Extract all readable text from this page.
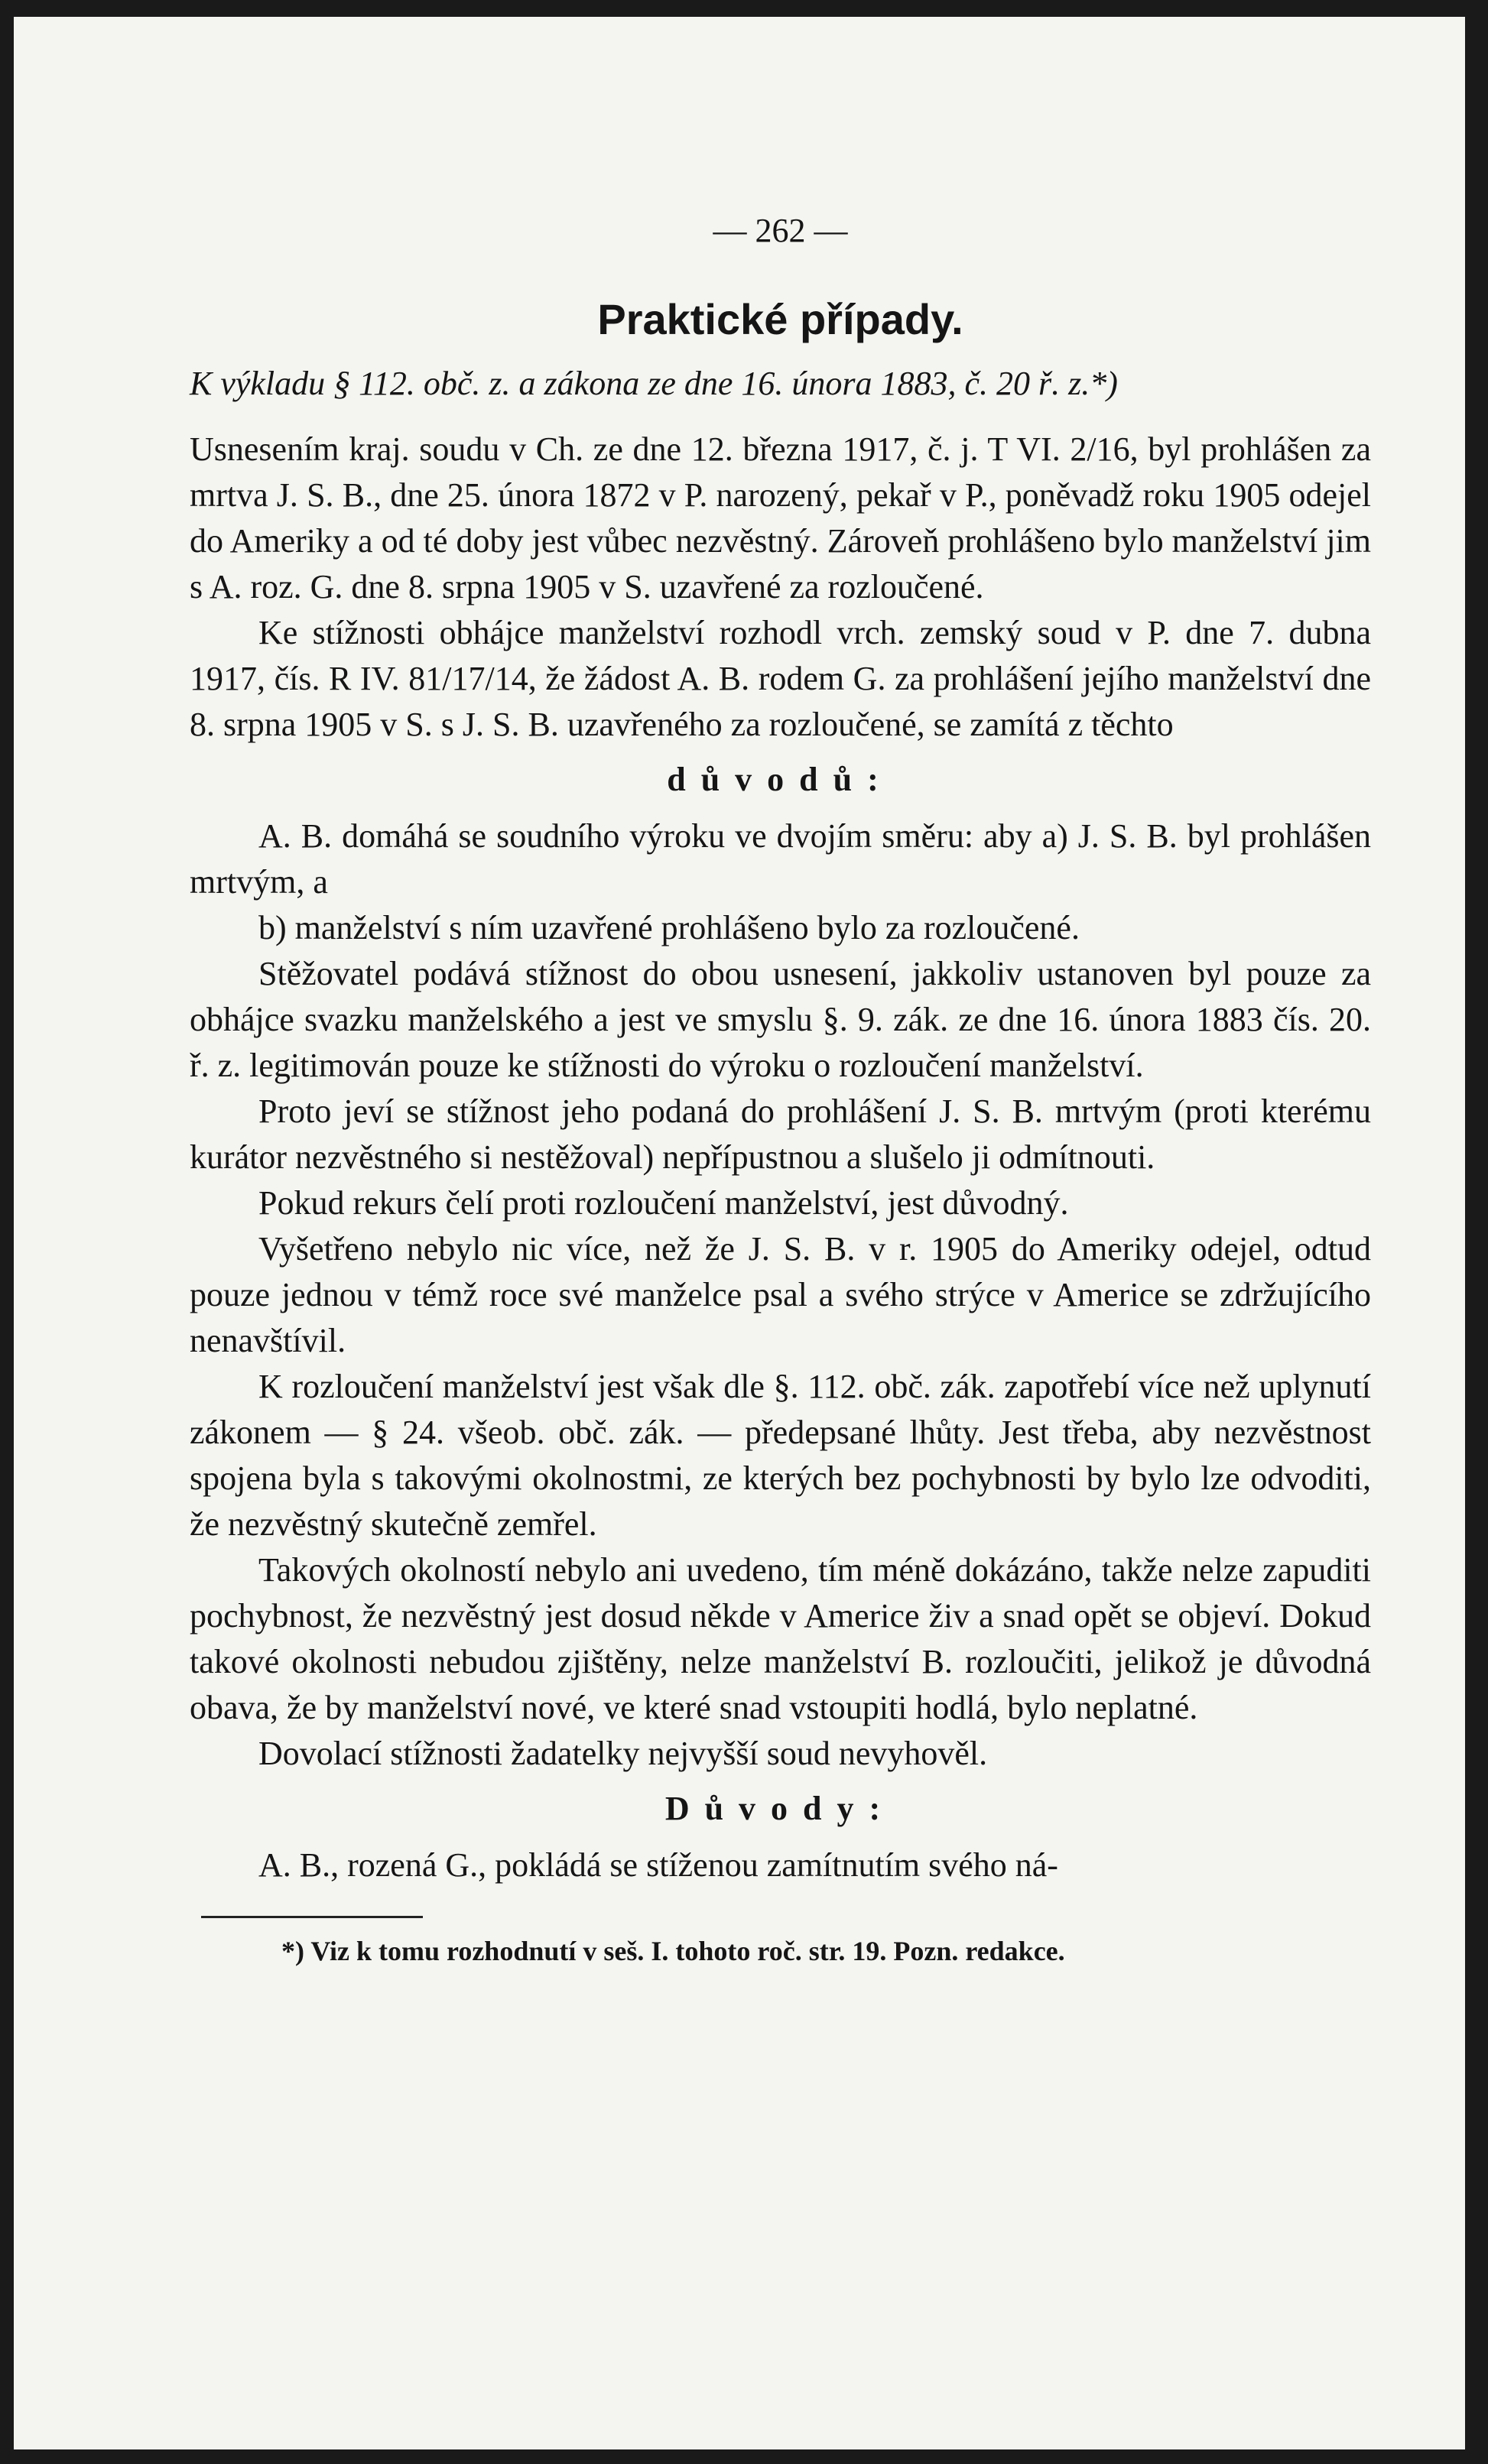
— 262 —
Praktické případy.
K výkladu § 112. obč. z. a zákona ze dne 16. února 1883, č. 20 ř. z.*)

Usnesením kraj. soudu v Ch. ze dne 12. března 1917, č. j. T VI. 2/16, byl prohlášen za mrtva J. S. B., dne 25. února 1872 v P. narozený, pekař v P., poněvadž roku 1905 odejel do Ameriky a od té doby jest vůbec nezvěstný. Zároveň prohlášeno bylo manželství jim s A. roz. G. dne 8. srpna 1905 v S. uzavřené za rozloučené.

Ke stížnosti obhájce manželství rozhodl vrch. zemský soud v P. dne 7. dubna 1917, čís. R IV. 81/17/14, že žádost A. B. rodem G. za prohlášení jejího manželství dne 8. srpna 1905 v S. s J. S. B. uzavřeného za rozloučené, se zamítá z těchto

důvodů:

A. B. domáhá se soudního výroku ve dvojím směru: aby a) J. S. B. byl prohlášen mrtvým, a

b) manželství s ním uzavřené prohlášeno bylo za rozloučené.

Stěžovatel podává stížnost do obou usnesení, jakkoliv ustanoven byl pouze za obhájce svazku manželského a jest ve smyslu §. 9. zák. ze dne 16. února 1883 čís. 20. ř. z. legitimován pouze ke stížnosti do výroku o rozloučení manželství.

Proto jeví se stížnost jeho podaná do prohlášení J. S. B. mrtvým (proti kterému kurátor nezvěstného si nestěžoval) nepřípustnou a slušelo ji odmítnouti.

Pokud rekurs čelí proti rozloučení manželství, jest důvodný.

Vyšetřeno nebylo nic více, než že J. S. B. v r. 1905 do Ameriky odejel, odtud pouze jednou v témž roce své manželce psal a svého strýce v Americe se zdržujícího nenavštívil.

K rozloučení manželství jest však dle §. 112. obč. zák. zapotřebí více než uplynutí zákonem — § 24. všeob. obč. zák. — předepsané lhůty. Jest třeba, aby nezvěstnost spojena byla s takovými okolnostmi, ze kterých bez pochybnosti by bylo lze odvoditi, že nezvěstný skutečně zemřel.

Takových okolností nebylo ani uvedeno, tím méně dokázáno, takže nelze zapuditi pochybnost, že nezvěstný jest dosud někde v Americe živ a snad opět se objeví. Dokud takové okolnosti nebudou zjištěny, nelze manželství B. rozloučiti, jelikož je důvodná obava, že by manželství nové, ve které snad vstoupiti hodlá, bylo neplatné.

Dovolací stížnosti žadatelky nejvyšší soud nevyhověl.

Důvody:

A. B., rozená G., pokládá se stíženou zamítnutím svého ná-

*) Viz k tomu rozhodnutí v seš. I. tohoto roč. str. 19. Pozn. redakce.
